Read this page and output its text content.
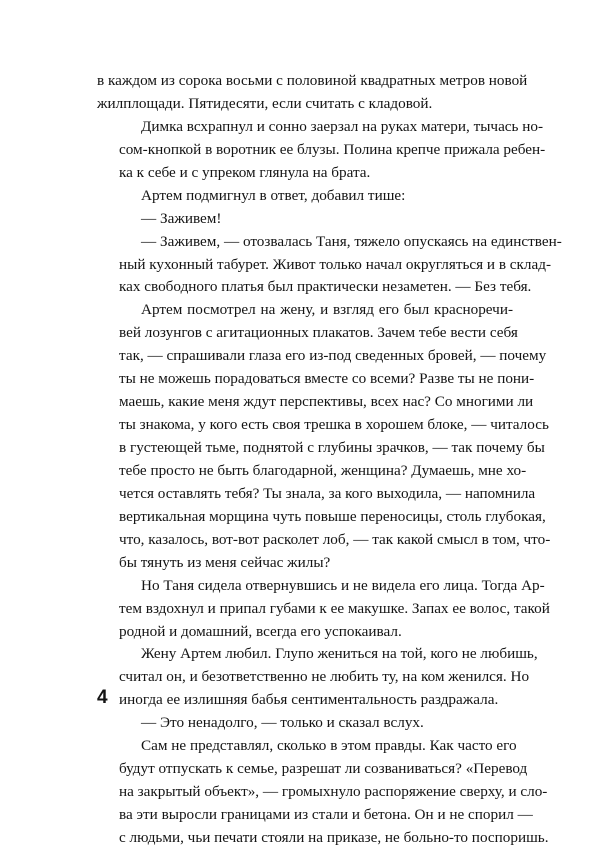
в каждом из сорока восьми с половиной квадратных метров новой
жилплощади. Пятидесяти, если считать с кладовой.
Димка всхрапнул и сонно заерзал на руках матери, тычась но-
сом-кнопкой в воротник ее блузы. Полина крепче прижала ребен-
ка к себе и с упреком глянула на брата.
Артем подмигнул в ответ, добавил тише:
— Заживем!
— Заживем, — отозвалась Таня, тяжело опускаясь на единствен-
ный кухонный табурет. Живот только начал округляться и в склад-
ках свободного платья был практически незаметен. — Без тебя.
Артем посмотрел на жену, и взгляд его был красноречи-
вей лозунгов с агитационных плакатов. Зачем тебе вести себя
так, — спрашивали глаза его из-под сведенных бровей, — почему
ты не можешь порадоваться вместе со всеми? Разве ты не пони-
маешь, какие меня ждут перспективы, всех нас? Со многими ли
ты знакома, у кого есть своя трешка в хорошем блоке, — читалось
в густеющей тьме, поднятой с глубины зрачков, — так почему бы
тебе просто не быть благодарной, женщина? Думаешь, мне хо-
чется оставлять тебя? Ты знала, за кого выходила, — напомнила
вертикальная морщина чуть повыше переносицы, столь глубокая,
что, казалось, вот-вот расколет лоб, — так какой смысл в том, что-
бы тянуть из меня сейчас жилы?
Но Таня сидела отвернувшись и не видела его лица. Тогда Ар-
тем вздохнул и припал губами к ее макушке. Запах ее волос, такой
родной и домашний, всегда его успокаивал.
Жену Артем любил. Глупо жениться на той, кого не любишь,
считал он, и безответственно не любить ту, на ком женился. Но
иногда ее излишняя бабья сентиментальность раздражала.
— Это ненадолго, — только и сказал вслух.
Сам не представлял, сколько в этом правды. Как часто его
будут отпускать к семье, разрешат ли созваниваться? «Перевод
на закрытый объект», — громыхнуло распоряжение сверху, и сло-
ва эти выросли границами из стали и бетона. Он и не спорил —
с людьми, чьи печати стояли на приказе, не больно-то поспоришь.
4
